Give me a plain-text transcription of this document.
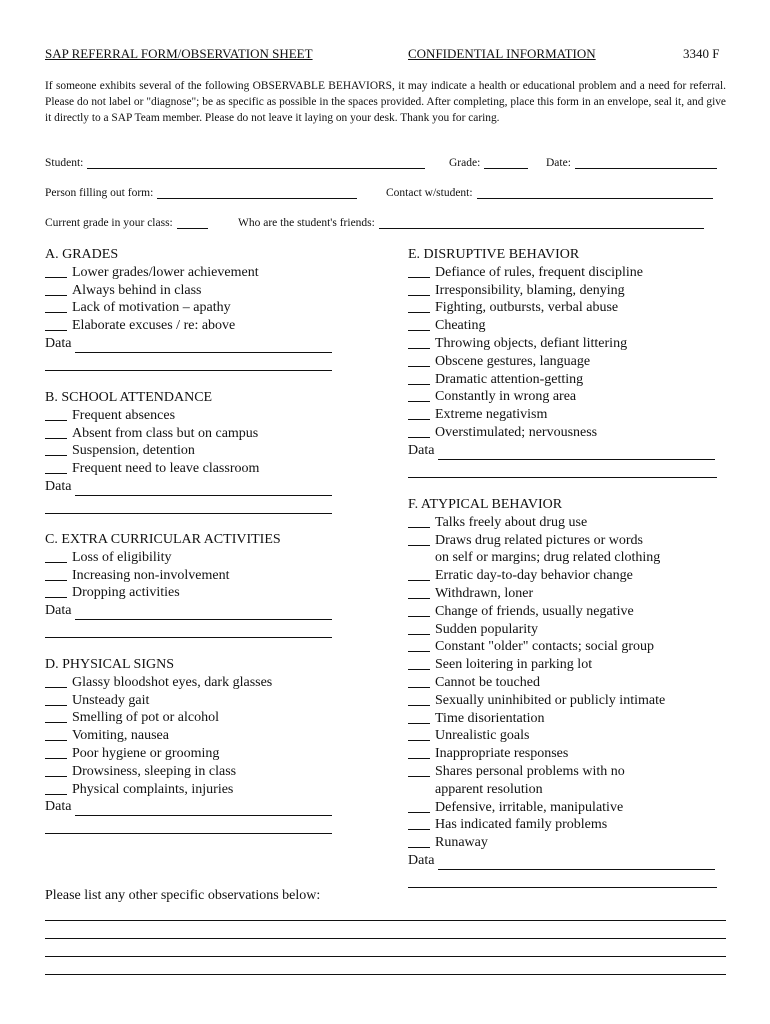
SAP REFERRAL FORM/OBSERVATION SHEET	CONFIDENTIAL INFORMATION	3340 F
If someone exhibits several of the following OBSERVABLE BEHAVIORS, it may indicate a health or educational problem and a need for referral. Please do not label or "diagnose"; be as specific as possible in the spaces provided. After completing, place this form in an envelope, seal it, and give it directly to a SAP Team member. Please do not leave it laying on your desk. Thank you for caring.
Student:	Grade:	Date:
Person filling out form:	Contact w/student:
Current grade in your class:	Who are the student's friends:
A. GRADES
Lower grades/lower achievement
Always behind in class
Lack of motivation – apathy
Elaborate excuses / re: above
Data
B. SCHOOL ATTENDANCE
Frequent absences
Absent from class but on campus
Suspension, detention
Frequent need to leave classroom
Data
C. EXTRA CURRICULAR ACTIVITIES
Loss of eligibility
Increasing non-involvement
Dropping activities
Data
D. PHYSICAL SIGNS
Glassy bloodshot eyes, dark glasses
Unsteady gait
Smelling of pot or alcohol
Vomiting, nausea
Poor hygiene or grooming
Drowsiness, sleeping in class
Physical complaints, injuries
Data
E. DISRUPTIVE BEHAVIOR
Defiance of rules, frequent discipline
Irresponsibility, blaming, denying
Fighting, outbursts, verbal abuse
Cheating
Throwing objects, defiant littering
Obscene gestures, language
Dramatic attention-getting
Constantly in wrong area
Extreme negativism
Overstimulated; nervousness
Data
F. ATYPICAL BEHAVIOR
Talks freely about drug use
Draws drug related pictures or words
on self or margins; drug related clothing
Erratic day-to-day behavior change
Withdrawn, loner
Change of friends, usually negative
Sudden popularity
Constant "older" contacts; social group
Seen loitering in parking lot
Cannot be touched
Sexually uninhibited or publicly intimate
Time disorientation
Unrealistic goals
Inappropriate responses
Shares personal problems with no
apparent resolution
Defensive, irritable, manipulative
Has indicated family problems
Runaway
Data
Please list any other specific observations below:
